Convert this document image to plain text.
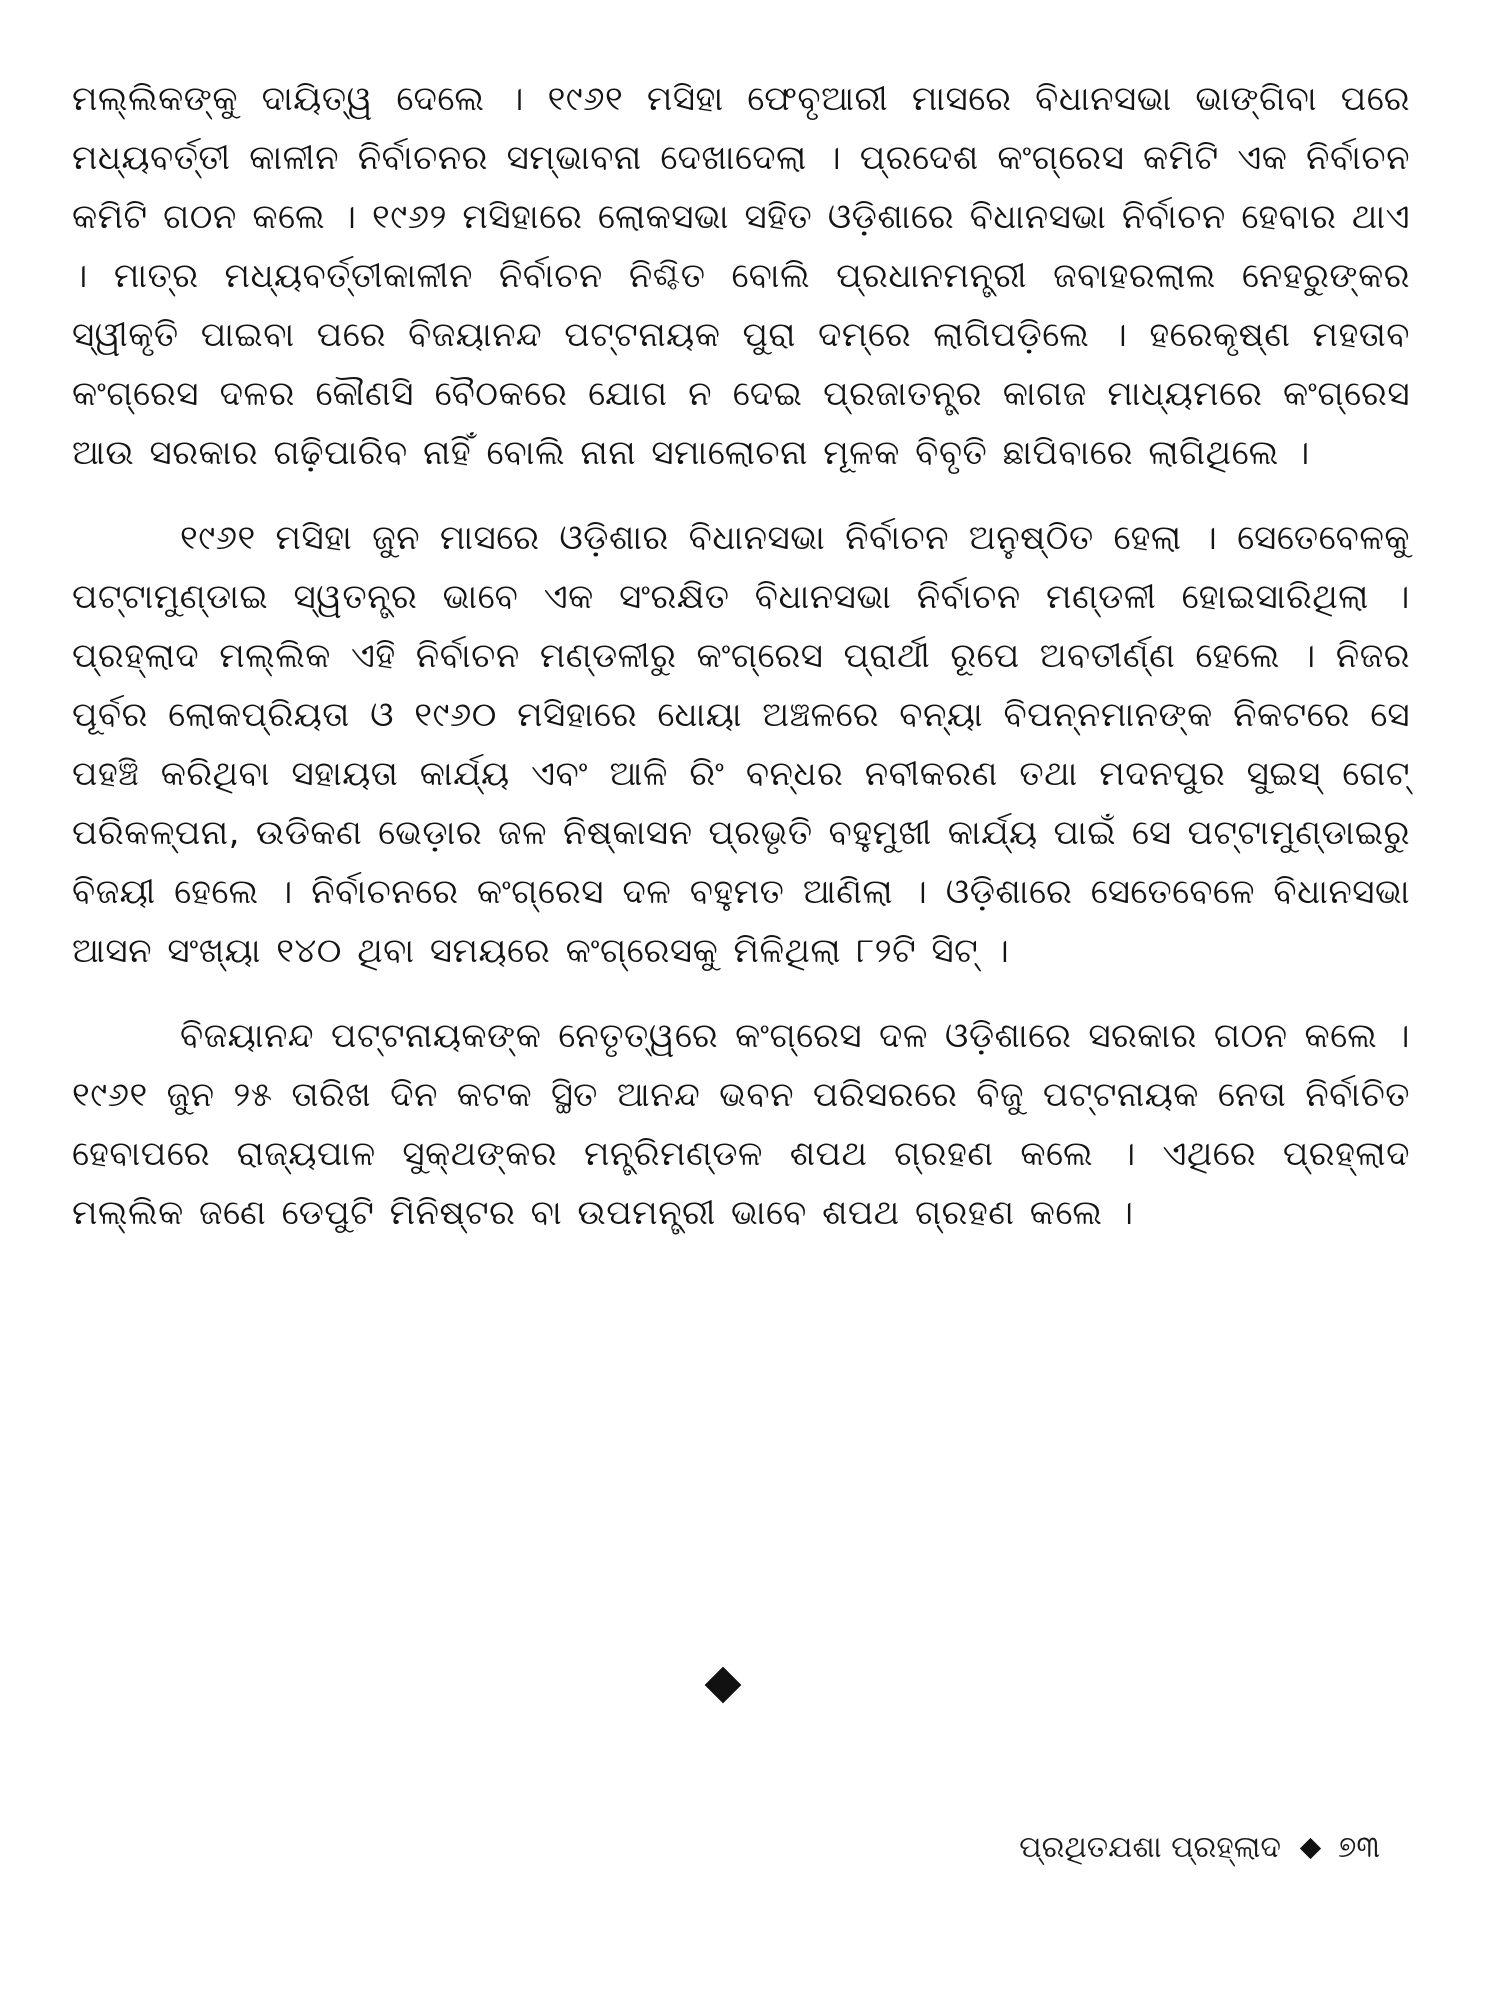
ମଲ୍ଲିକଙ୍କୁ ଦାୟିତ୍ୱ ଦେଲେ । ୧୯୬୧ ମସିହା ଫେବୃଆରୀ ମାସରେ ବିଧାନସଭା ଭାଙ୍ଗିବା ପରେ ମଧ୍ୟବର୍ତ୍ତୀ କାଳୀନ ନିର୍ବାଚନର ସମ୍ଭାବନା ଦେଖାଦେଲା । ପ୍ରଦେଶ କଂଗ୍ରେସ କମିଟି ଏକ ନିର୍ବାଚନ କମିଟି ଗଠନ କଲେ । ୧୯୬୨ ମସିହାରେ ଲୋକସଭା ସହିତ ଓଡ଼ିଶାରେ ବିଧାନସଭା ନିର୍ବାଚନ ହେବାର ଥାଏ । ମାତ୍ର ମଧ୍ୟବର୍ତ୍ତୀକାଳୀନ ନିର୍ବାଚନ ନିଶ୍ଚିତ ବୋଲି ପ୍ରଧାନମନ୍ତ୍ରୀ ଜବାହରଲାଲ ନେହରୁଙ୍କର ସ୍ୱୀକୃତି ପାଇବା ପରେ ବିଜୟାନନ୍ଦ ପଟ୍ଟନାୟକ ପୁରା ଦମ୍‌ରେ ଲାଗିପଡ଼ିଲେ । ହରେକୃଷ୍ଣ ମହତାବ କଂଗ୍ରେସ ଦଳର କୌଣସି ବୈଠକରେ ଯୋଗ ନ ଦେଇ ପ୍ରଜାତନ୍ତ୍ର କାଗଜ ମାଧ୍ୟମରେ କଂଗ୍ରେସ ଆଉ ସରକାର ଗଢ଼ିପାରିବ ନାହିଁ ବୋଲି ନାନା ସମାଲୋଚନା ମୂଳକ ବିବୃତି ଛାପିବାରେ ଲାଗିଥିଲେ ।

୧୯୬୧ ମସିହା ଜୁନ ମାସରେ ଓଡ଼ିଶାର ବିଧାନସଭା ନିର୍ବାଚନ ଅନୁଷ୍ଠିତ ହେଲା । ସେତେବେଳକୁ ପଟ୍ଟାମୁଣ୍ଡାଇ ସ୍ୱତନ୍ତ୍ର ଭାବେ ଏକ ସଂରକ୍ଷିତ ବିଧାନସଭା ନିର୍ବାଚନ ମଣ୍ଡଳୀ ହୋଇସାରିଥିଲା । ପ୍ରହ୍ଲାଦ ମଲ୍ଲିକ ଏହି ନିର୍ବାଚନ ମଣ୍ଡଳୀରୁ କଂଗ୍ରେସ ପ୍ରାର୍ଥୀ ରୂପେ ଅବତୀର୍ଣ୍ଣ ହେଲେ । ନିଜର ପୂର୍ବର ଲୋକପ୍ରିୟତା ଓ ୧୯୬୦ ମସିହାରେ ଧୋୟା ଅଞ୍ଚଳରେ ବନ୍ୟା ବିପନ୍ନମାନଙ୍କ ନିକଟରେ ସେ ପହଞ୍ଚି କରିଥିବା ସହାୟତା କାର୍ଯ୍ୟ ଏବଂ ଆଳି ରିଂ ବନ୍ଧର ନବୀକରଣ ତଥା ମଦନପୁର ସୁଇସ୍ ଗେଟ୍ ପରିକଳ୍ପନା, ଉଡିକଣ ଭେଡ଼ାର ଜଳ ନିଷ୍କାସନ ପ୍ରଭୃତି ବହୁମୁଖୀ କାର୍ଯ୍ୟ ପାଇଁ ସେ ପଟ୍ଟାମୁଣ୍ଡାଇରୁ ବିଜୟୀ ହେଲେ । ନିର୍ବାଚନରେ କଂଗ୍ରେସ ଦଳ ବହୁମତ ଆଣିଲା । ଓଡ଼ିଶାରେ ସେତେବେଳେ ବିଧାନସଭା ଆସନ ସଂଖ୍ୟା ୧୪୦ ଥିବା ସମୟରେ କଂଗ୍ରେସକୁ ମିଳିଥିଲା ୮୨ଟି ସିଟ୍ ।

ବିଜୟାନନ୍ଦ ପଟ୍ଟନାୟକଙ୍କ ନେତୃତ୍ୱରେ କଂଗ୍ରେସ ଦଳ ଓଡ଼ିଶାରେ ସରକାର ଗଠନ କଲେ । ୧୯୬୧ ଜୁନ ୨୫ ତାରିଖ ଦିନ କଟକ ସ୍ଥିତ ଆନନ୍ଦ ଭବନ ପରିସରରେ ବିଜୁ ପଟ୍ଟନାୟକ ନେତା ନିର୍ବାଚିତ ହେବାପରେ ରାଜ୍ୟପାଳ ସୁକ୍ଥଙ୍କର ମନ୍ତ୍ରିମଣ୍ଡଳ ଶପଥ ଗ୍ରହଣ କଲେ । ଏଥିରେ ପ୍ରହ୍ଲାଦ ମଲ୍ଲିକ ଜଣେ ଡେପୁଟି ମିନିଷ୍ଟର ବା ଉପମନ୍ତ୍ରୀ ଭାବେ ଶପଥ ଗ୍ରହଣ କଲେ ।

ପ୍ରଥିତଯଶା ପ୍ରହ୍ଲାଦ ୭୩
